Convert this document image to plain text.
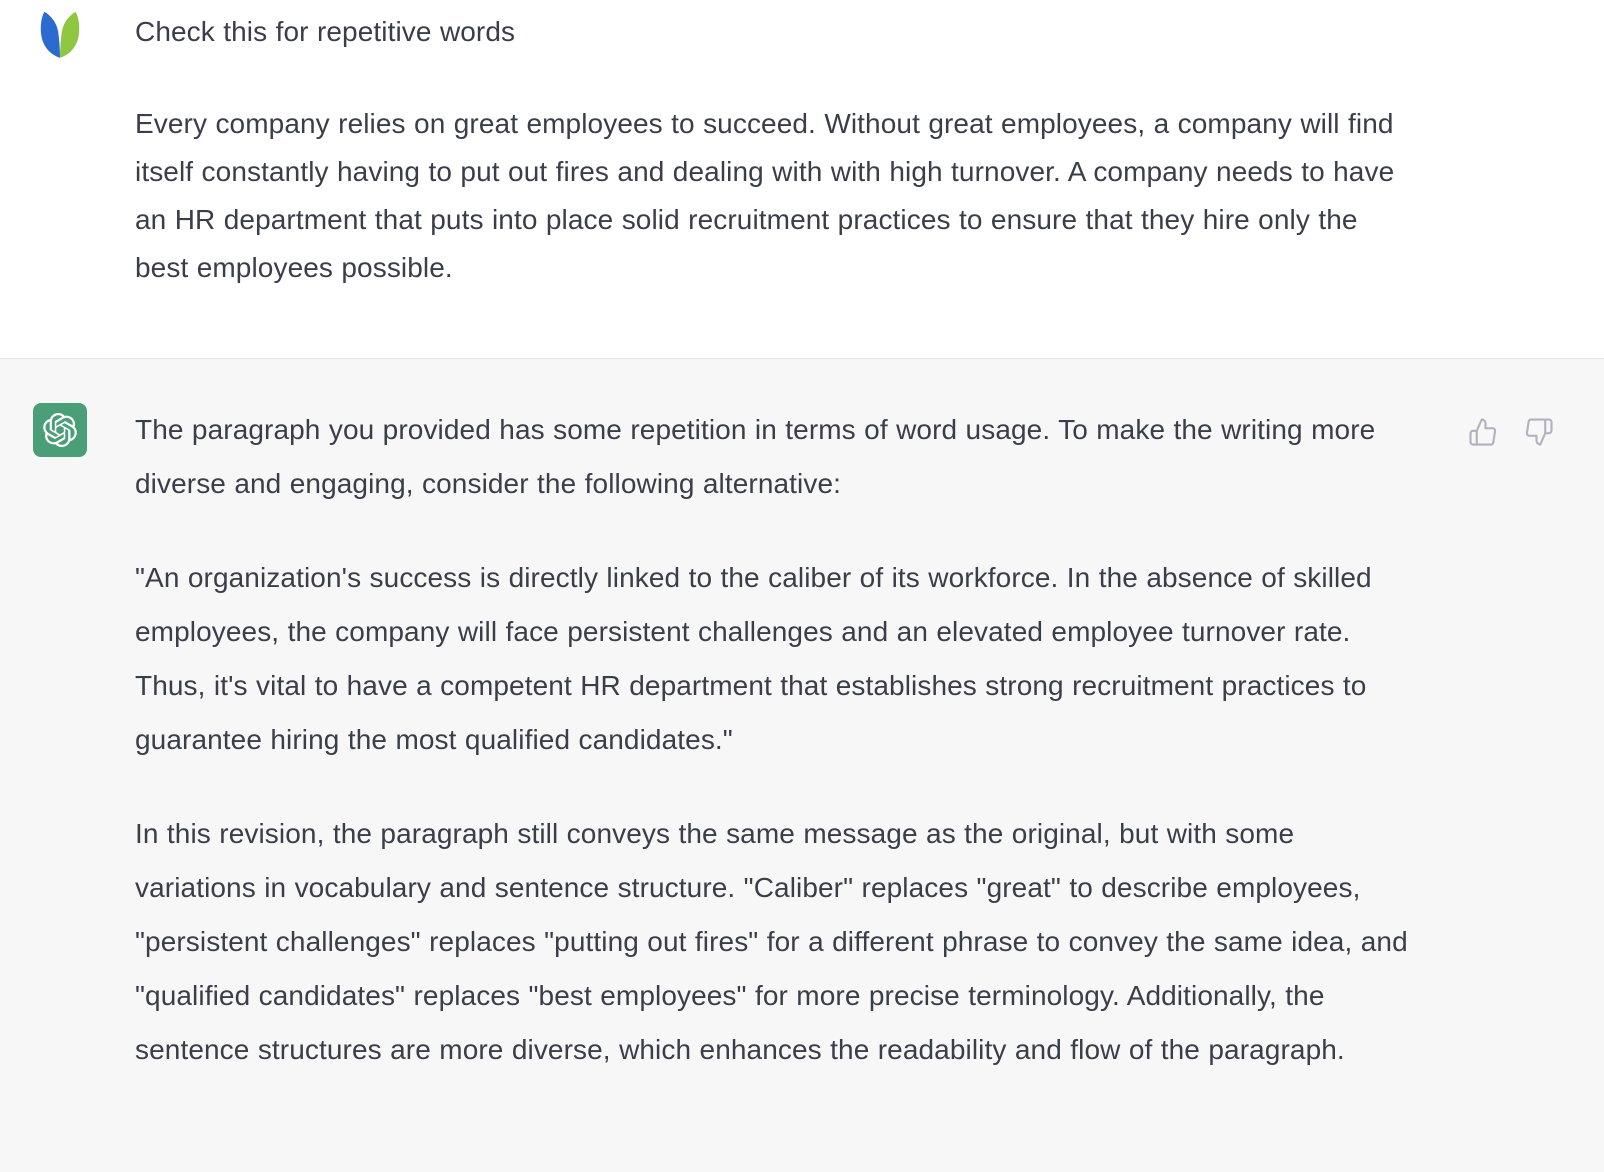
Check this for repetitive words

Every company relies on great employees to succeed. Without great employees, a company will find itself constantly having to put out fires and dealing with with high turnover. A company needs to have an HR department that puts into place solid recruitment practices to ensure that they hire only the best employees possible.

The paragraph you provided has some repetition in terms of word usage. To make the writing more diverse and engaging, consider the following alternative:

"An organization's success is directly linked to the caliber of its workforce. In the absence of skilled employees, the company will face persistent challenges and an elevated employee turnover rate. Thus, it's vital to have a competent HR department that establishes strong recruitment practices to guarantee hiring the most qualified candidates."

In this revision, the paragraph still conveys the same message as the original, but with some variations in vocabulary and sentence structure. "Caliber" replaces "great" to describe employees, "persistent challenges" replaces "putting out fires" for a different phrase to convey the same idea, and "qualified candidates" replaces "best employees" for more precise terminology. Additionally, the sentence structures are more diverse, which enhances the readability and flow of the paragraph.
